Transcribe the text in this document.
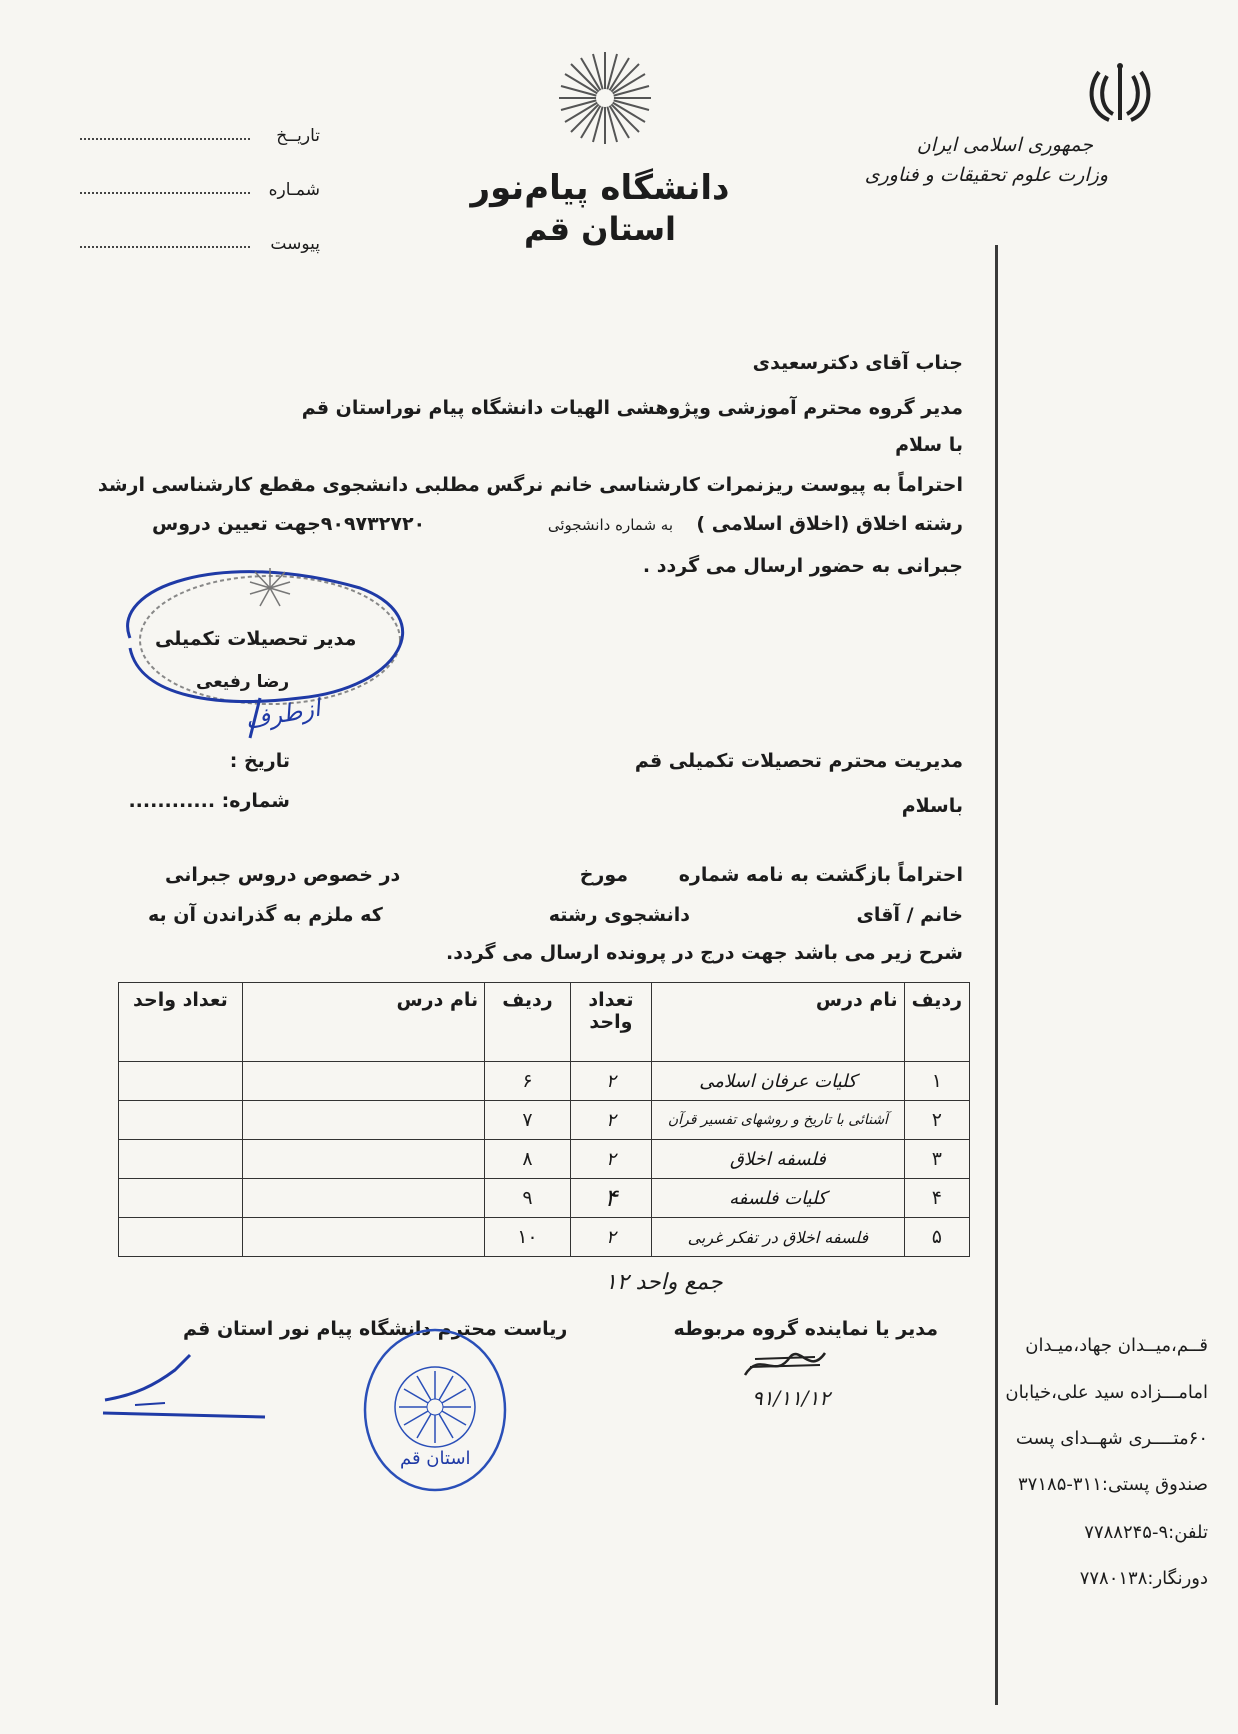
جمهوری اسلامی ایران
وزارت علوم تحقیقات و فناوری
دانشگاه پیام‌نور
استان قم
تاریــخ
شمـاره
پیوست
جناب آقای دکترسعیدی
مدیر گروه محترم آموزشی وپژوهشی الهیات دانشگاه پیام نوراستان قم
با سلام
احتراماً به پیوست ریزنمرات کارشناسی خانم نرگس مطلبی دانشجوی مقطع کارشناسی ارشد
رشته اخلاق (اخلاق اسلامی )
به شماره دانشجوئی
۹۰۹۷۳۲۷۲۰جهت تعیین دروس
جبرانی به حضور ارسال می گردد .
مدیر تحصیلات تکمیلی
رضا رفیعی
ازطرف
تاریخ :
شماره: ............
مدیریت محترم تحصیلات تکمیلی قم
باسلام
احتراماً بازگشت به نامه شماره
مورخ
در خصوص دروس جبرانی
خانم / آقای
دانشجوی رشته
که ملزم به گذراندن آن به
شرح زیر می باشد جهت درج در پرونده ارسال می گردد.
ردیف	نام درس	تعداد واحد	ردیف	نام درس	تعداد واحد
۱	کلیات عرفان اسلامی	۲	۶		
۲	آشنائی با تاریخ و روشهای تفسیر قرآن	۲	۷		
۳	فلسفه اخلاق	۲	۸		
۴	کلیات فلسفه	۴	۹		
۵	فلسفه اخلاق در تفکر غربی	۲	۱۰		
جمع واحد ۱۲
مدیر یا نماینده گروه مربوطه
۹۱/۱۱/۱۲
ریاست محترم دانشگاه پیام نور استان قم
استان قم
قــم،میــدان جهاد،میـدان
امامـــزاده سید علی،خیابان
۶۰متــــری شهــدای پست
صندوق پستی:۳۱۱-۳۷۱۸۵
تلفن:۹-۷۷۸۸۲۴۵
دورنگار:۷۷۸۰۱۳۸
